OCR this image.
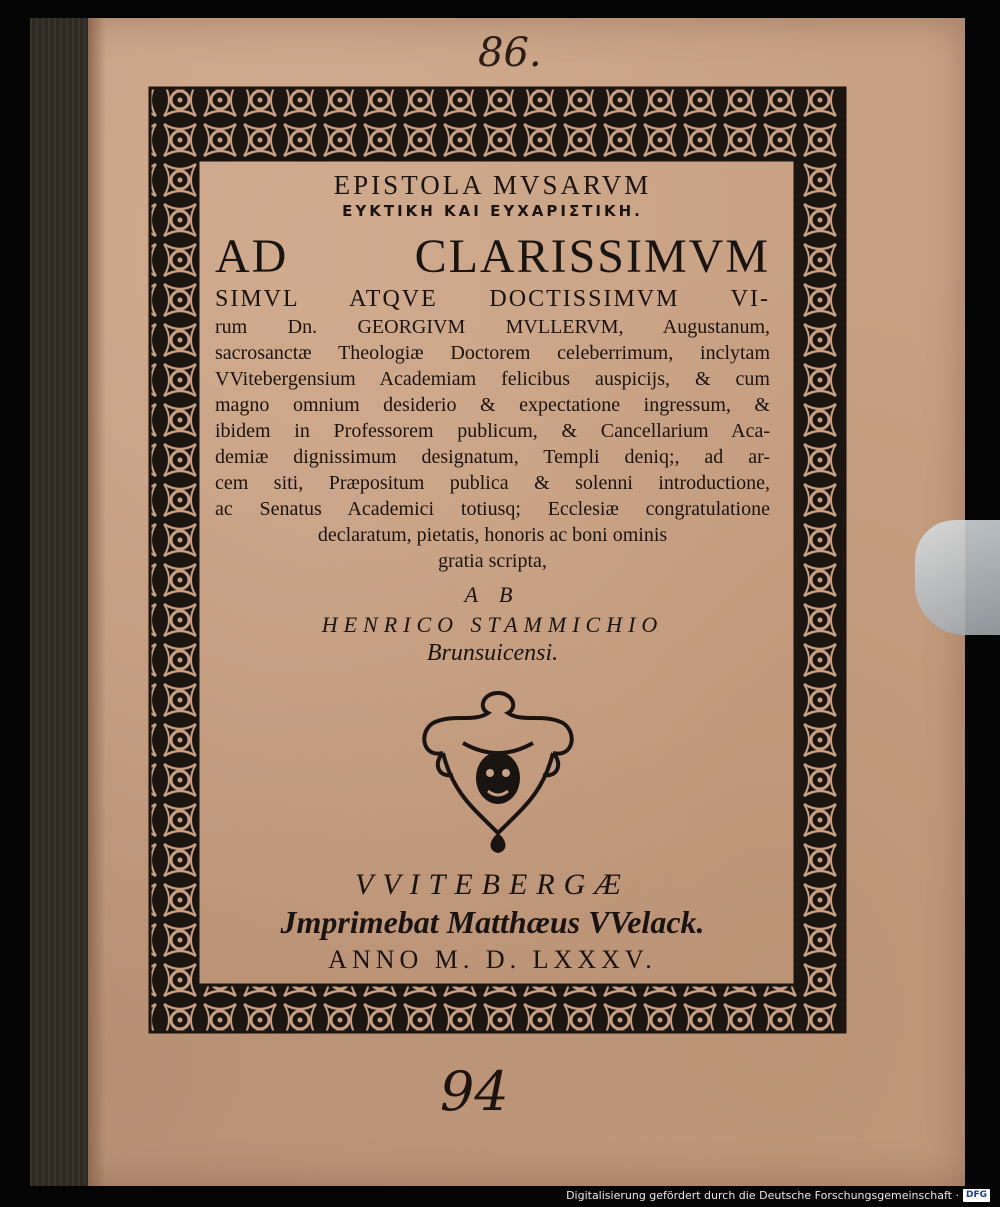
86.

EPISTOLA MVSARVM

ΕΥΚΤΙΚΗ ΚΑΙ ΕΥΧΑΡΙΣΤΙΚΗ.

AD CLARISSIMVM

SIMVL ATQVE DOCTISSIMVM VI-

rum Dn. GEORGIVM MVLLERVM, Augustanum,

sacrosanctæ Theologiæ Doctorem celeberrimum, inclytam

VVitebergensium Academiam felicibus auspicijs, & cum

magno omnium desiderio & expectatione ingressum, &

ibidem in Professorem publicum, & Cancellarium Aca-

demiæ dignissimum designatum, Templi deniq;, ad ar-

cem siti, Præpositum publica & solenni introductione,

ac Senatus Academici totiusq; Ecclesiæ congratulatione

declaratum, pietatis, honoris ac boni ominis

gratia scripta,

A B

HENRICO STAMMICHIO

Brunsuicensi.

VVITEBERGÆ

Jmprimebat Matthæus VVelack.

ANNO M. D. LXXXV.

94
Digitalisierung gefördert durch die Deutsche Forschungsgemeinschaft · DFG
